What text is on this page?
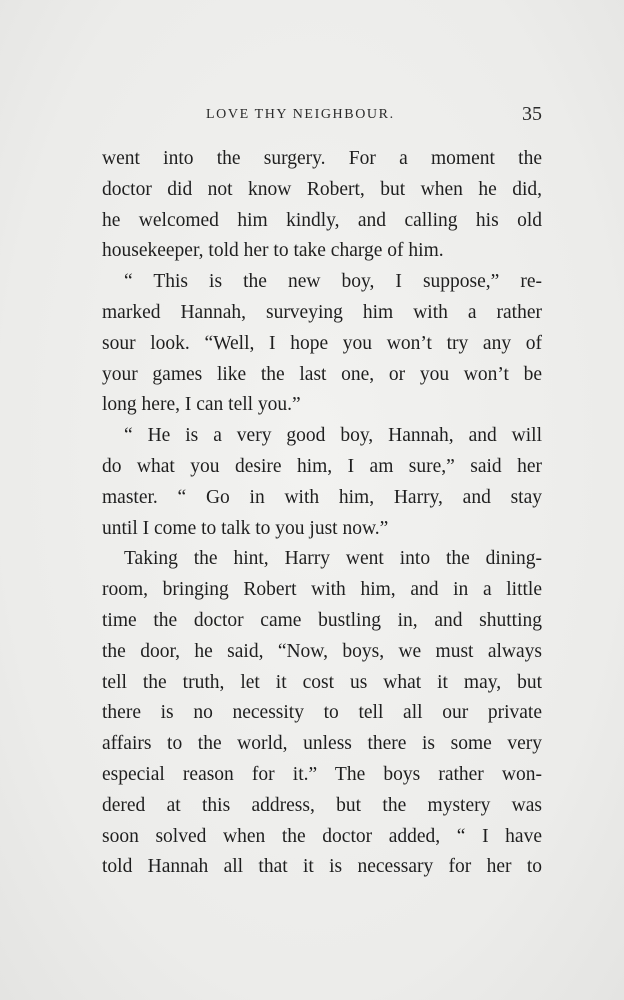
LOVE THY NEIGHBOUR.	35
went into the surgery. For a moment the
doctor did not know Robert, but when he did,
he welcomed him kindly, and calling his old
housekeeper, told her to take charge of him.
“ This is the new boy, I suppose,” re-
marked Hannah, surveying him with a rather
sour look. “Well, I hope you won’t try any of
your games like the last one, or you won’t be
long here, I can tell you.”
“ He is a very good boy, Hannah, and will
do what you desire him, I am sure,” said her
master. “ Go in with him, Harry, and stay
until I come to talk to you just now.”
Taking the hint, Harry went into the dining-
room, bringing Robert with him, and in a little
time the doctor came bustling in, and shutting
the door, he said, “Now, boys, we must always
tell the truth, let it cost us what it may, but
there is no necessity to tell all our private
affairs to the world, unless there is some very
especial reason for it.” The boys rather won-
dered at this address, but the mystery was
soon solved when the doctor added, “ I have
told Hannah all that it is necessary for her to
